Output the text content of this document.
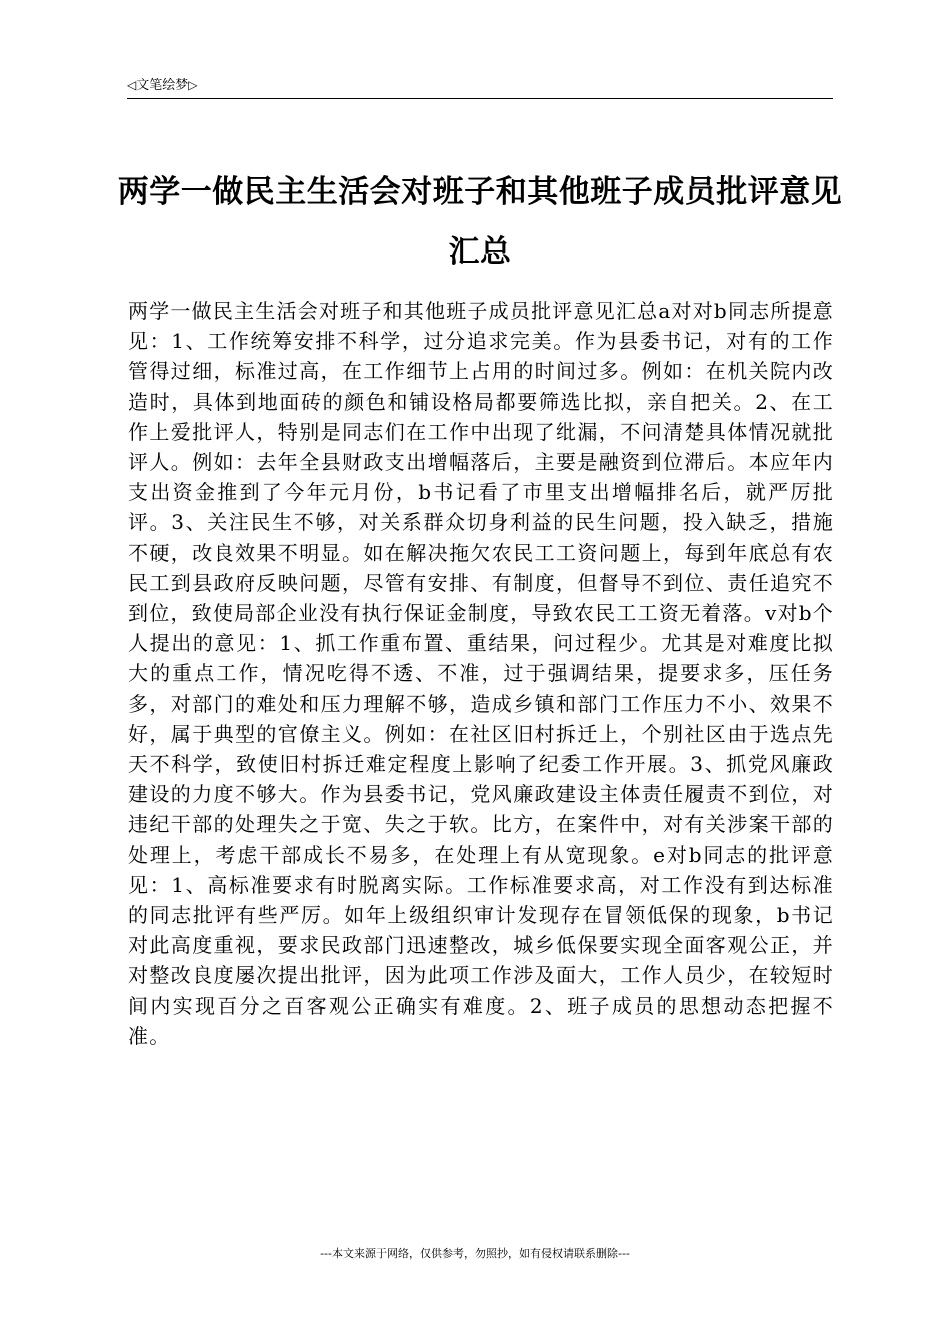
◁文笔绘梦▷
两学一做民主生活会对班子和其他班子成员批评意见汇总

两学一做民主生活会对班子和其他班子成员批评意见汇总a对对b同志所提意见：1、工作统筹安排不科学，过分追求完美。作为县委书记，对有的工作管得过细，标准过高，在工作细节上占用的时间过多。例如：在机关院内改造时，具体到地面砖的颜色和铺设格局都要筛选比拟，亲自把关。2、在工作上爱批评人，特别是同志们在工作中出现了纰漏，不问清楚具体情况就批评人。例如：去年全县财政支出增幅落后，主要是融资到位滞后。本应年内支出资金推到了今年元月份，b书记看了市里支出增幅排名后，就严厉批评。3、关注民生不够，对关系群众切身利益的民生问题，投入缺乏，措施不硬，改良效果不明显。如在解决拖欠农民工工资问题上，每到年底总有农民工到县政府反映问题，尽管有安排、有制度，但督导不到位、责任追究不到位，致使局部企业没有执行保证金制度，导致农民工工资无着落。v对b个人提出的意见：1、抓工作重布置、重结果，问过程少。尤其是对难度比拟大的重点工作，情况吃得不透、不准，过于强调结果，提要求多，压任务多，对部门的难处和压力理解不够，造成乡镇和部门工作压力不小、效果不好，属于典型的官僚主义。例如：在社区旧村拆迁上，个别社区由于选点先天不科学，致使旧村拆迁难定程度上影响了纪委工作开展。3、抓党风廉政建设的力度不够大。作为县委书记，党风廉政建设主体责任履责不到位，对违纪干部的处理失之于宽、失之于软。比方，在案件中，对有关涉案干部的处理上，考虑干部成长不易多，在处理上有从宽现象。e对b同志的批评意见：1、高标准要求有时脱离实际。工作标准要求高，对工作没有到达标准的同志批评有些严厉。如年上级组织审计发现存在冒领低保的现象，b书记对此高度重视，要求民政部门迅速整改，城乡低保要实现全面客观公正，并对整改良度屡次提出批评，因为此项工作涉及面大，工作人员少，在较短时间内实现百分之百客观公正确实有难度。2、班子成员的思想动态把握不准。

---本文来源于网络，仅供参考，勿照抄，如有侵权请联系删除---
